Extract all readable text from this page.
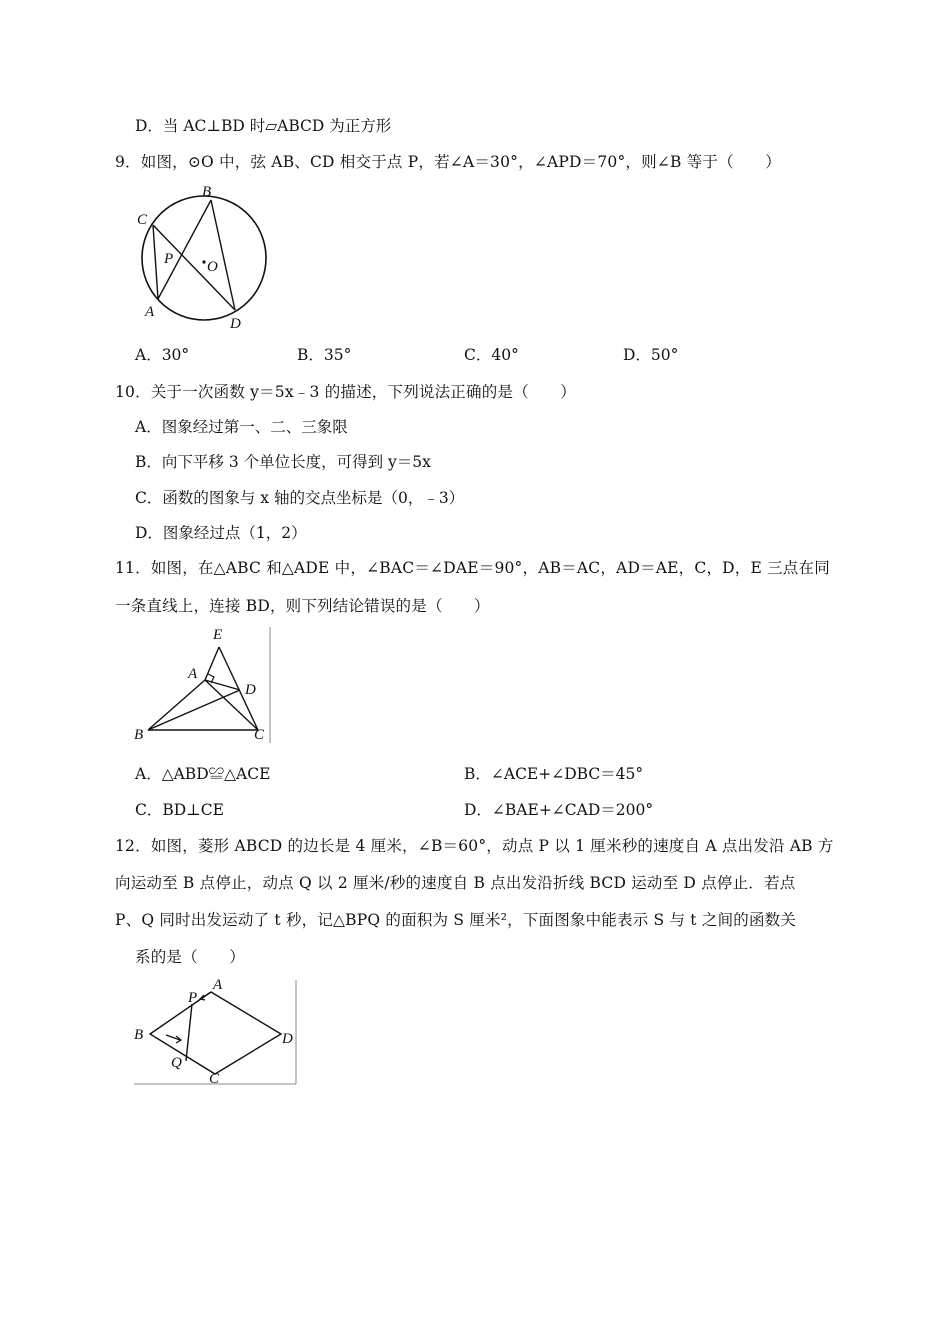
D．当 AC⊥BD 时▱ABCD 为正方形
9．如图，⊙O 中，弦 AB、CD 相交于点 P，若∠A＝30°，∠APD＝70°，则∠B 等于（　　）
B
C
P O
A
D
A．30°	B．35°	C．40°	D．50°
10．关于一次函数 y＝5x﹣3 的描述，下列说法正确的是（　　）
A．图象经过第一、二、三象限
B．向下平移 3 个单位长度，可得到 y＝5x
C．函数的图象与 x 轴的交点坐标是（0，﹣3）
D．图象经过点（1，2）
11．如图，在△ABC 和△ADE 中，∠BAC＝∠DAE＝90°，AB＝AC，AD＝AE，C，D，E 三点在同
一条直线上，连接 BD，则下列结论错误的是（　　）
E
A
D
B	C
A．△ABD≌△ACE	B．∠ACE+∠DBC＝45°
C．BD⊥CE	D．∠BAE+∠CAD＝200°
12．如图，菱形 ABCD 的边长是 4 厘米，∠B＝60°，动点 P 以 1 厘米秒的速度自 A 点出发沿 AB 方
向运动至 B 点停止，动点 Q 以 2 厘米/秒的速度自 B 点出发沿折线 BCD 运动至 D 点停止．若点
P、Q 同时出发运动了 t 秒，记△BPQ 的面积为 S 厘米²，下面图象中能表示 S 与 t 之间的函数关
系的是（　　）
A
P
B	D
Q
C
